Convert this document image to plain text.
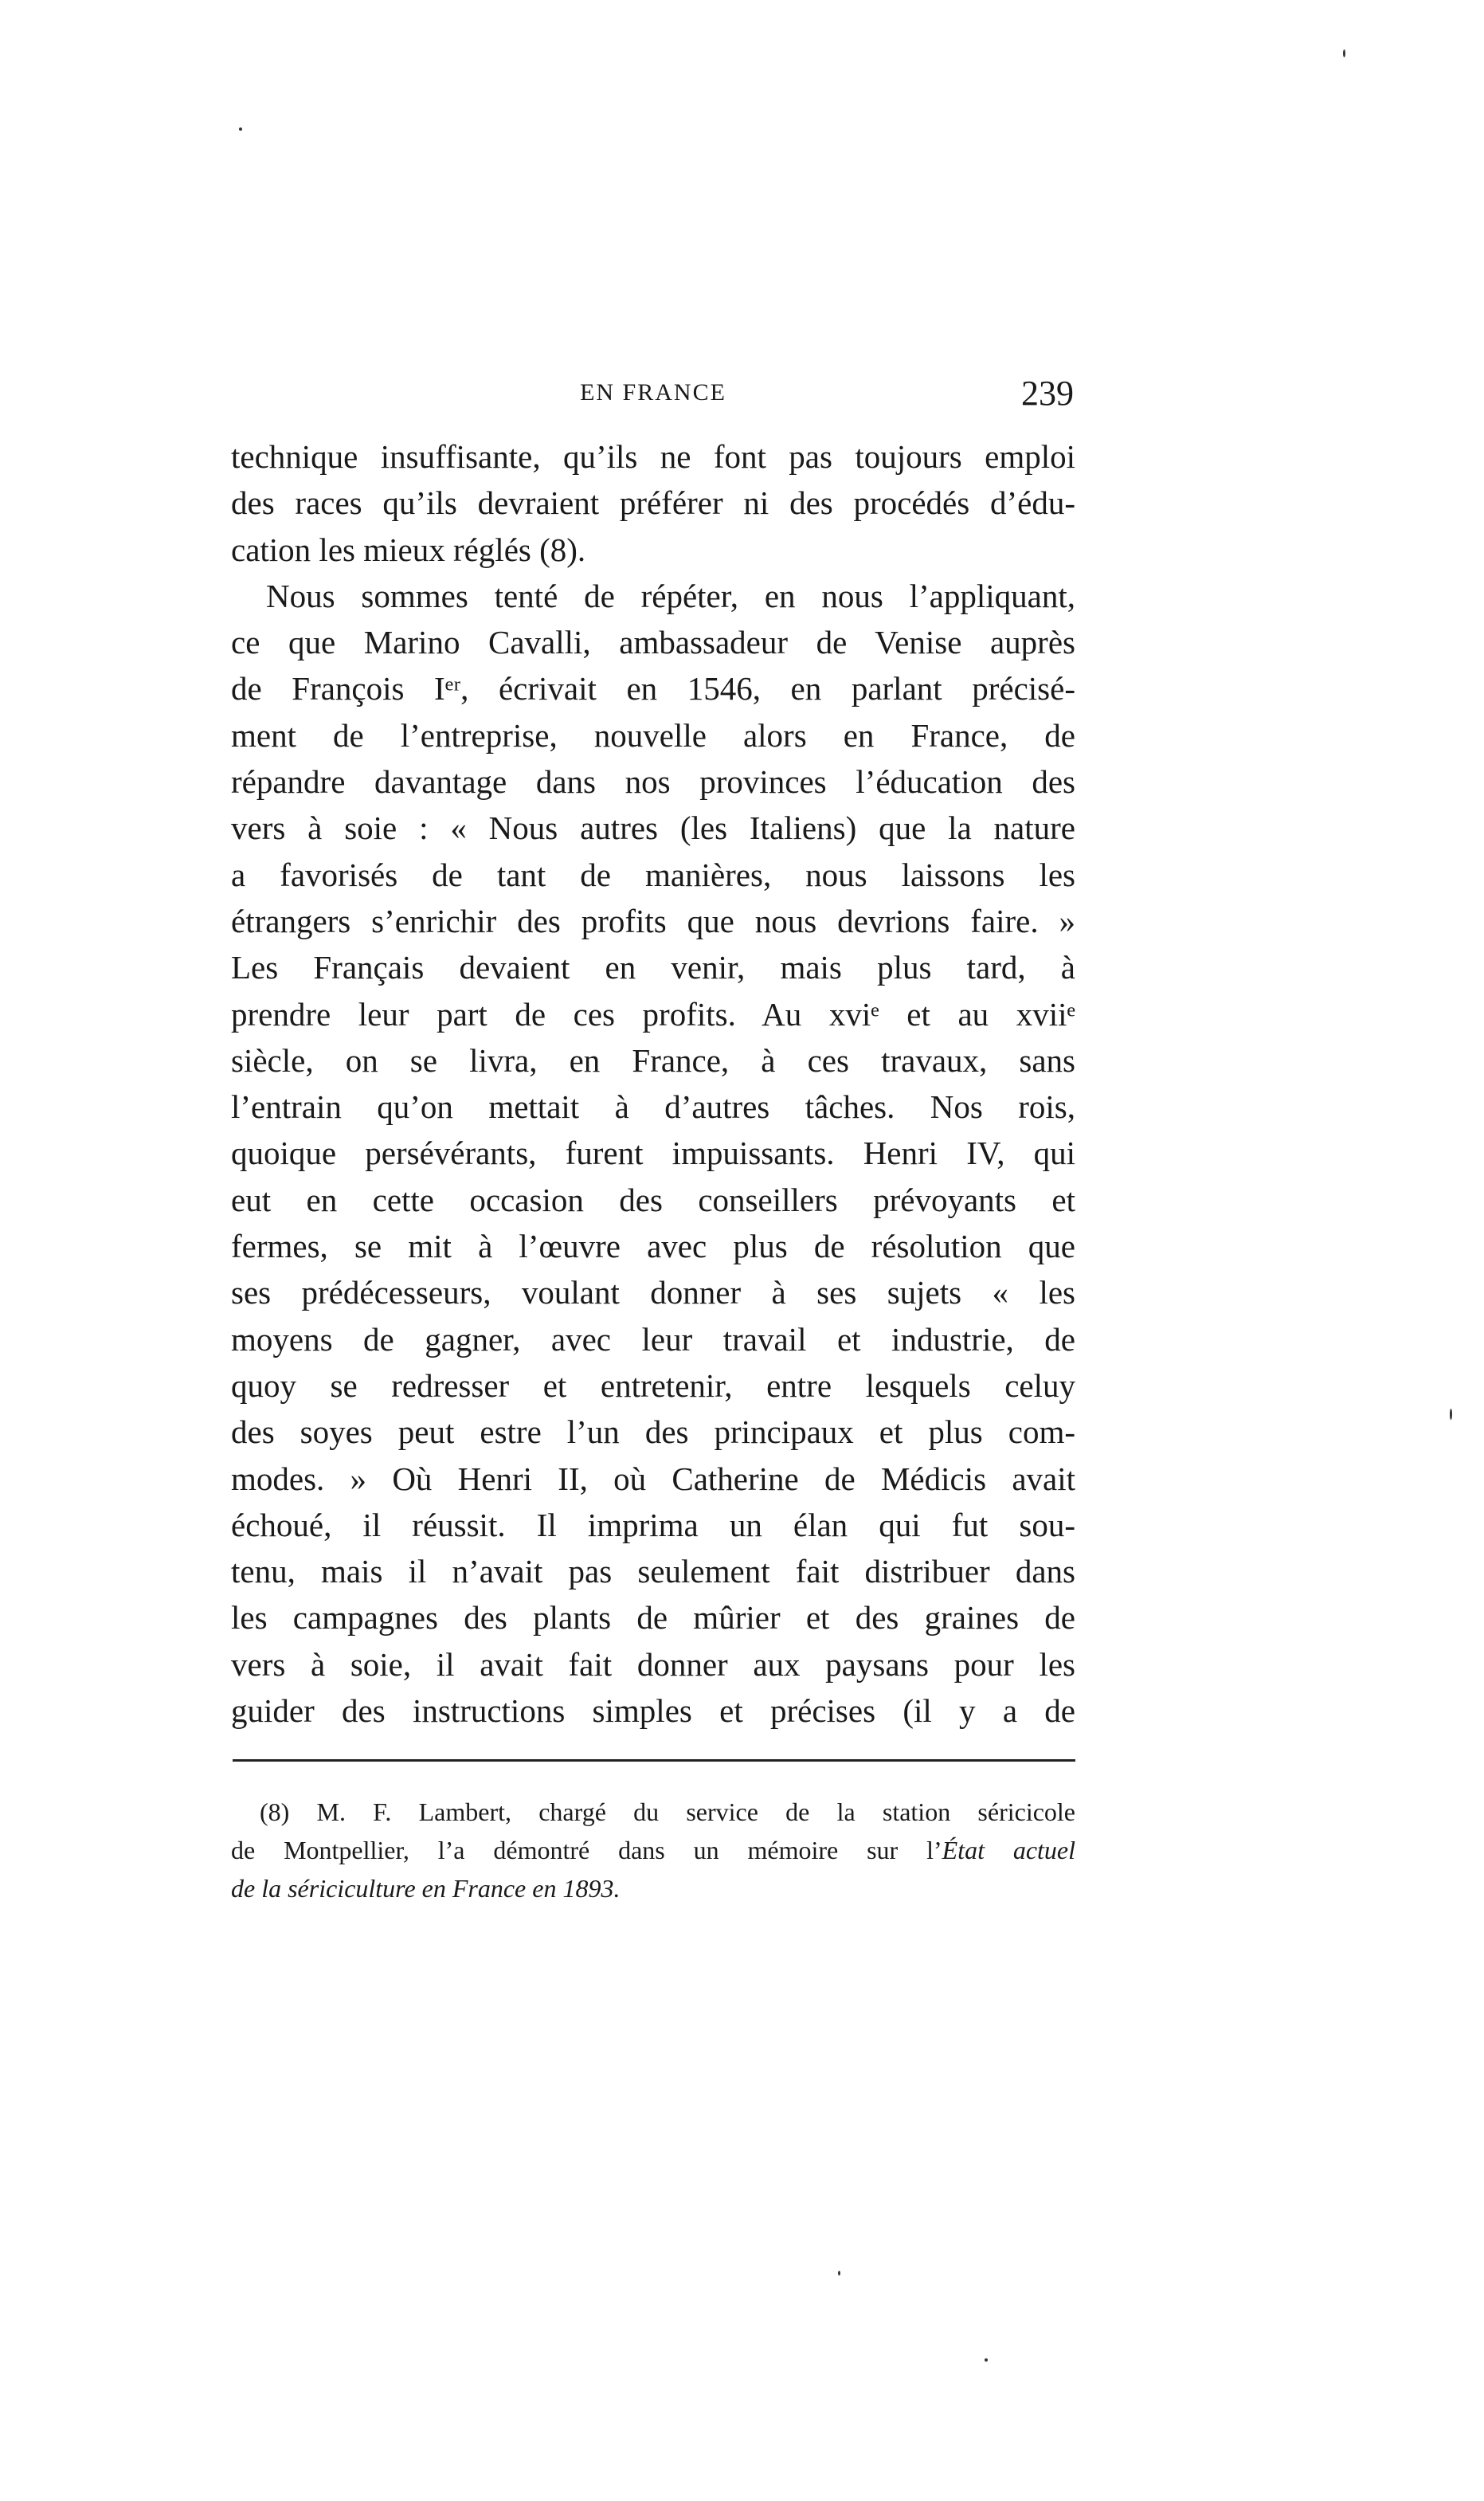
EN FRANCE	239
technique insuffisante, qu’ils ne font pas toujours emploi
des races qu’ils devraient préférer ni des procédés d’édu-
cation les mieux réglés (8).
Nous sommes tenté de répéter, en nous l’appliquant,
ce que Marino Cavalli, ambassadeur de Venise auprès
de François Iᵉʳ, écrivait en 1546, en parlant précisé-
ment de l’entreprise, nouvelle alors en France, de
répandre davantage dans nos provinces l’éducation des
vers à soie : « Nous autres (les Italiens) que la nature
a favorisés de tant de manières, nous laissons les
étrangers s’enrichir des profits que nous devrions faire. »
Les Français devaient en venir, mais plus tard, à
prendre leur part de ces profits. Au xviᵉ et au xviiᵉ
siècle, on se livra, en France, à ces travaux, sans
l’entrain qu’on mettait à d’autres tâches. Nos rois,
quoique persévérants, furent impuissants. Henri IV, qui
eut en cette occasion des conseillers prévoyants et
fermes, se mit à l’œuvre avec plus de résolution que
ses prédécesseurs, voulant donner à ses sujets « les
moyens de gagner, avec leur travail et industrie, de
quoy se redresser et entretenir, entre lesquels celuy
des soyes peut estre l’un des principaux et plus com-
modes. » Où Henri II, où Catherine de Médicis avait
échoué, il réussit. Il imprima un élan qui fut sou-
tenu, mais il n’avait pas seulement fait distribuer dans
les campagnes des plants de mûrier et des graines de
vers à soie, il avait fait donner aux paysans pour les
guider des instructions simples et précises (il y a de
(8) M. F. Lambert, chargé du service de la station séricicole
de Montpellier, l’a démontré dans un mémoire sur l’État actuel
de la sériciculture en France en 1893.
